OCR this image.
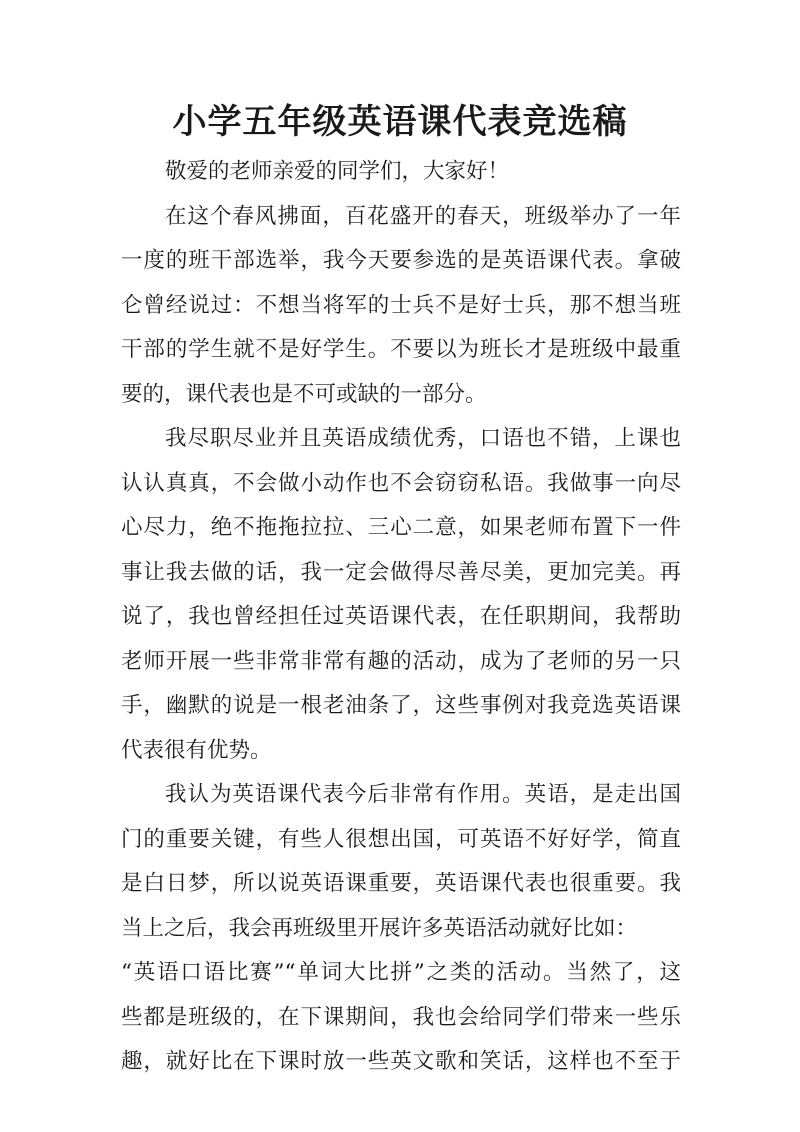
小学五年级英语课代表竞选稿

敬爱的老师亲爱的同学们，大家好！

在这个春风拂面，百花盛开的春天，班级举办了一年

一度的班干部选举，我今天要参选的是英语课代表。拿破

仑曾经说过：不想当将军的士兵不是好士兵，那不想当班

干部的学生就不是好学生。不要以为班长才是班级中最重

要的，课代表也是不可或缺的一部分。

我尽职尽业并且英语成绩优秀，口语也不错，上课也

认认真真，不会做小动作也不会窃窃私语。我做事一向尽

心尽力，绝不拖拖拉拉、三心二意，如果老师布置下一件

事让我去做的话，我一定会做得尽善尽美，更加完美。再

说了，我也曾经担任过英语课代表，在任职期间，我帮助

老师开展一些非常非常有趣的活动，成为了老师的另一只

手，幽默的说是一根老油条了，这些事例对我竞选英语课

代表很有优势。

我认为英语课代表今后非常有作用。英语，是走出国

门的重要关键，有些人很想出国，可英语不好好学，简直

是白日梦，所以说英语课重要，英语课代表也很重要。我

当上之后，我会再班级里开展许多英语活动就好比如：

“英语口语比赛”“单词大比拼”之类的活动。当然了，这

些都是班级的，在下课期间，我也会给同学们带来一些乐

趣，就好比在下课时放一些英文歌和笑话，这样也不至于
